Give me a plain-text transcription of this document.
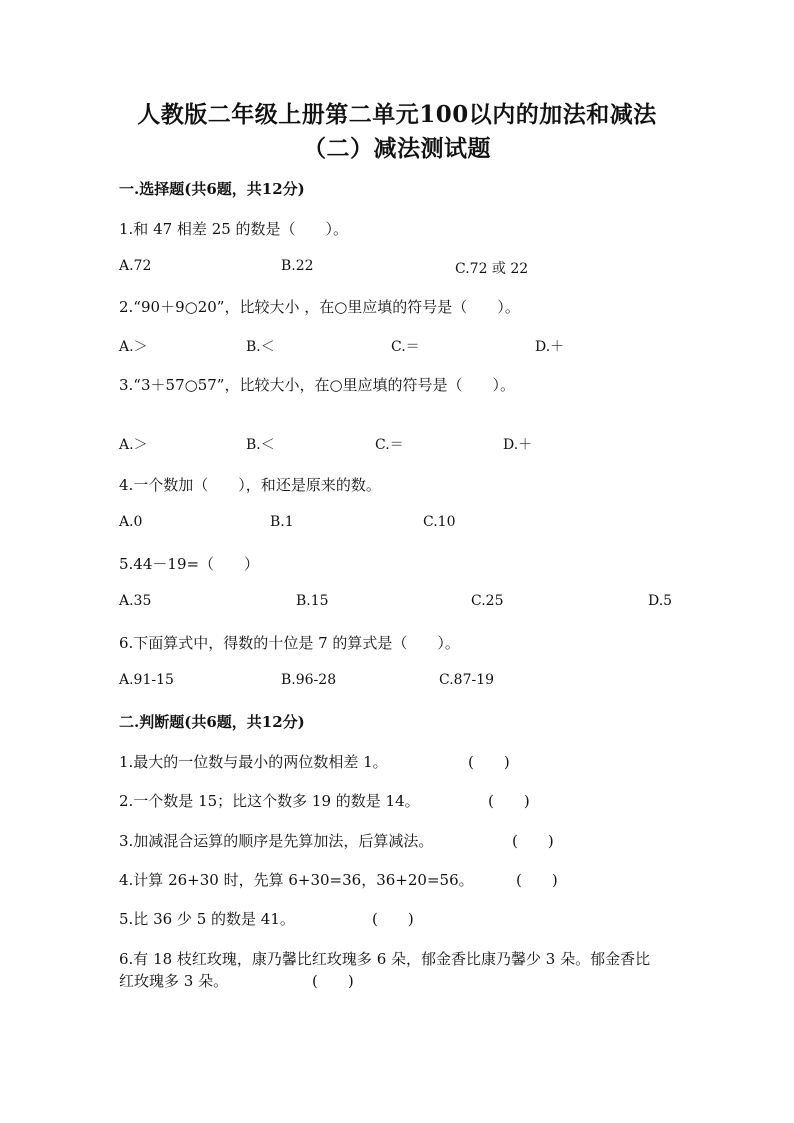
人教版二年级上册第二单元100以内的加法和减法
（二）减法测试题
一.选择题(共6题，共12分)
1.和 47 相差 25 的数是（　　）。
A.72	B.22	C.72 或 22
2.“90＋9○20”，比较大小 ，在○里应填的符号是（　　）。
A.＞	B.＜	C.＝	D.＋
3.“3＋57○57”，比较大小，在○里应填的符号是（　　）。
A.＞	B.＜	C.＝	D.＋
4.一个数加（　　），和还是原来的数。
A.0	B.1	C.10
5.44－19=（　　）
A.35	B.15	C.25	D.5
6.下面算式中，得数的十位是 7 的算式是（　　）。
A.91-15	B.96-28	C.87-19
二.判断题(共6题，共12分)
1.最大的一位数与最小的两位数相差 1。	(　　)
2.一个数是 15；比这个数多 19 的数是 14。	(　　)
3.加减混合运算的顺序是先算加法，后算减法。	(　　)
4.计算 26+30 时，先算 6+30=36，36+20=56。	(　　)
5.比 36 少 5 的数是 41。	(　　)
6.有 18 枝红玫瑰，康乃馨比红玫瑰多 6 朵，郁金香比康乃馨少 3 朵。郁金香比
红玫瑰多 3 朵。	(　　)
